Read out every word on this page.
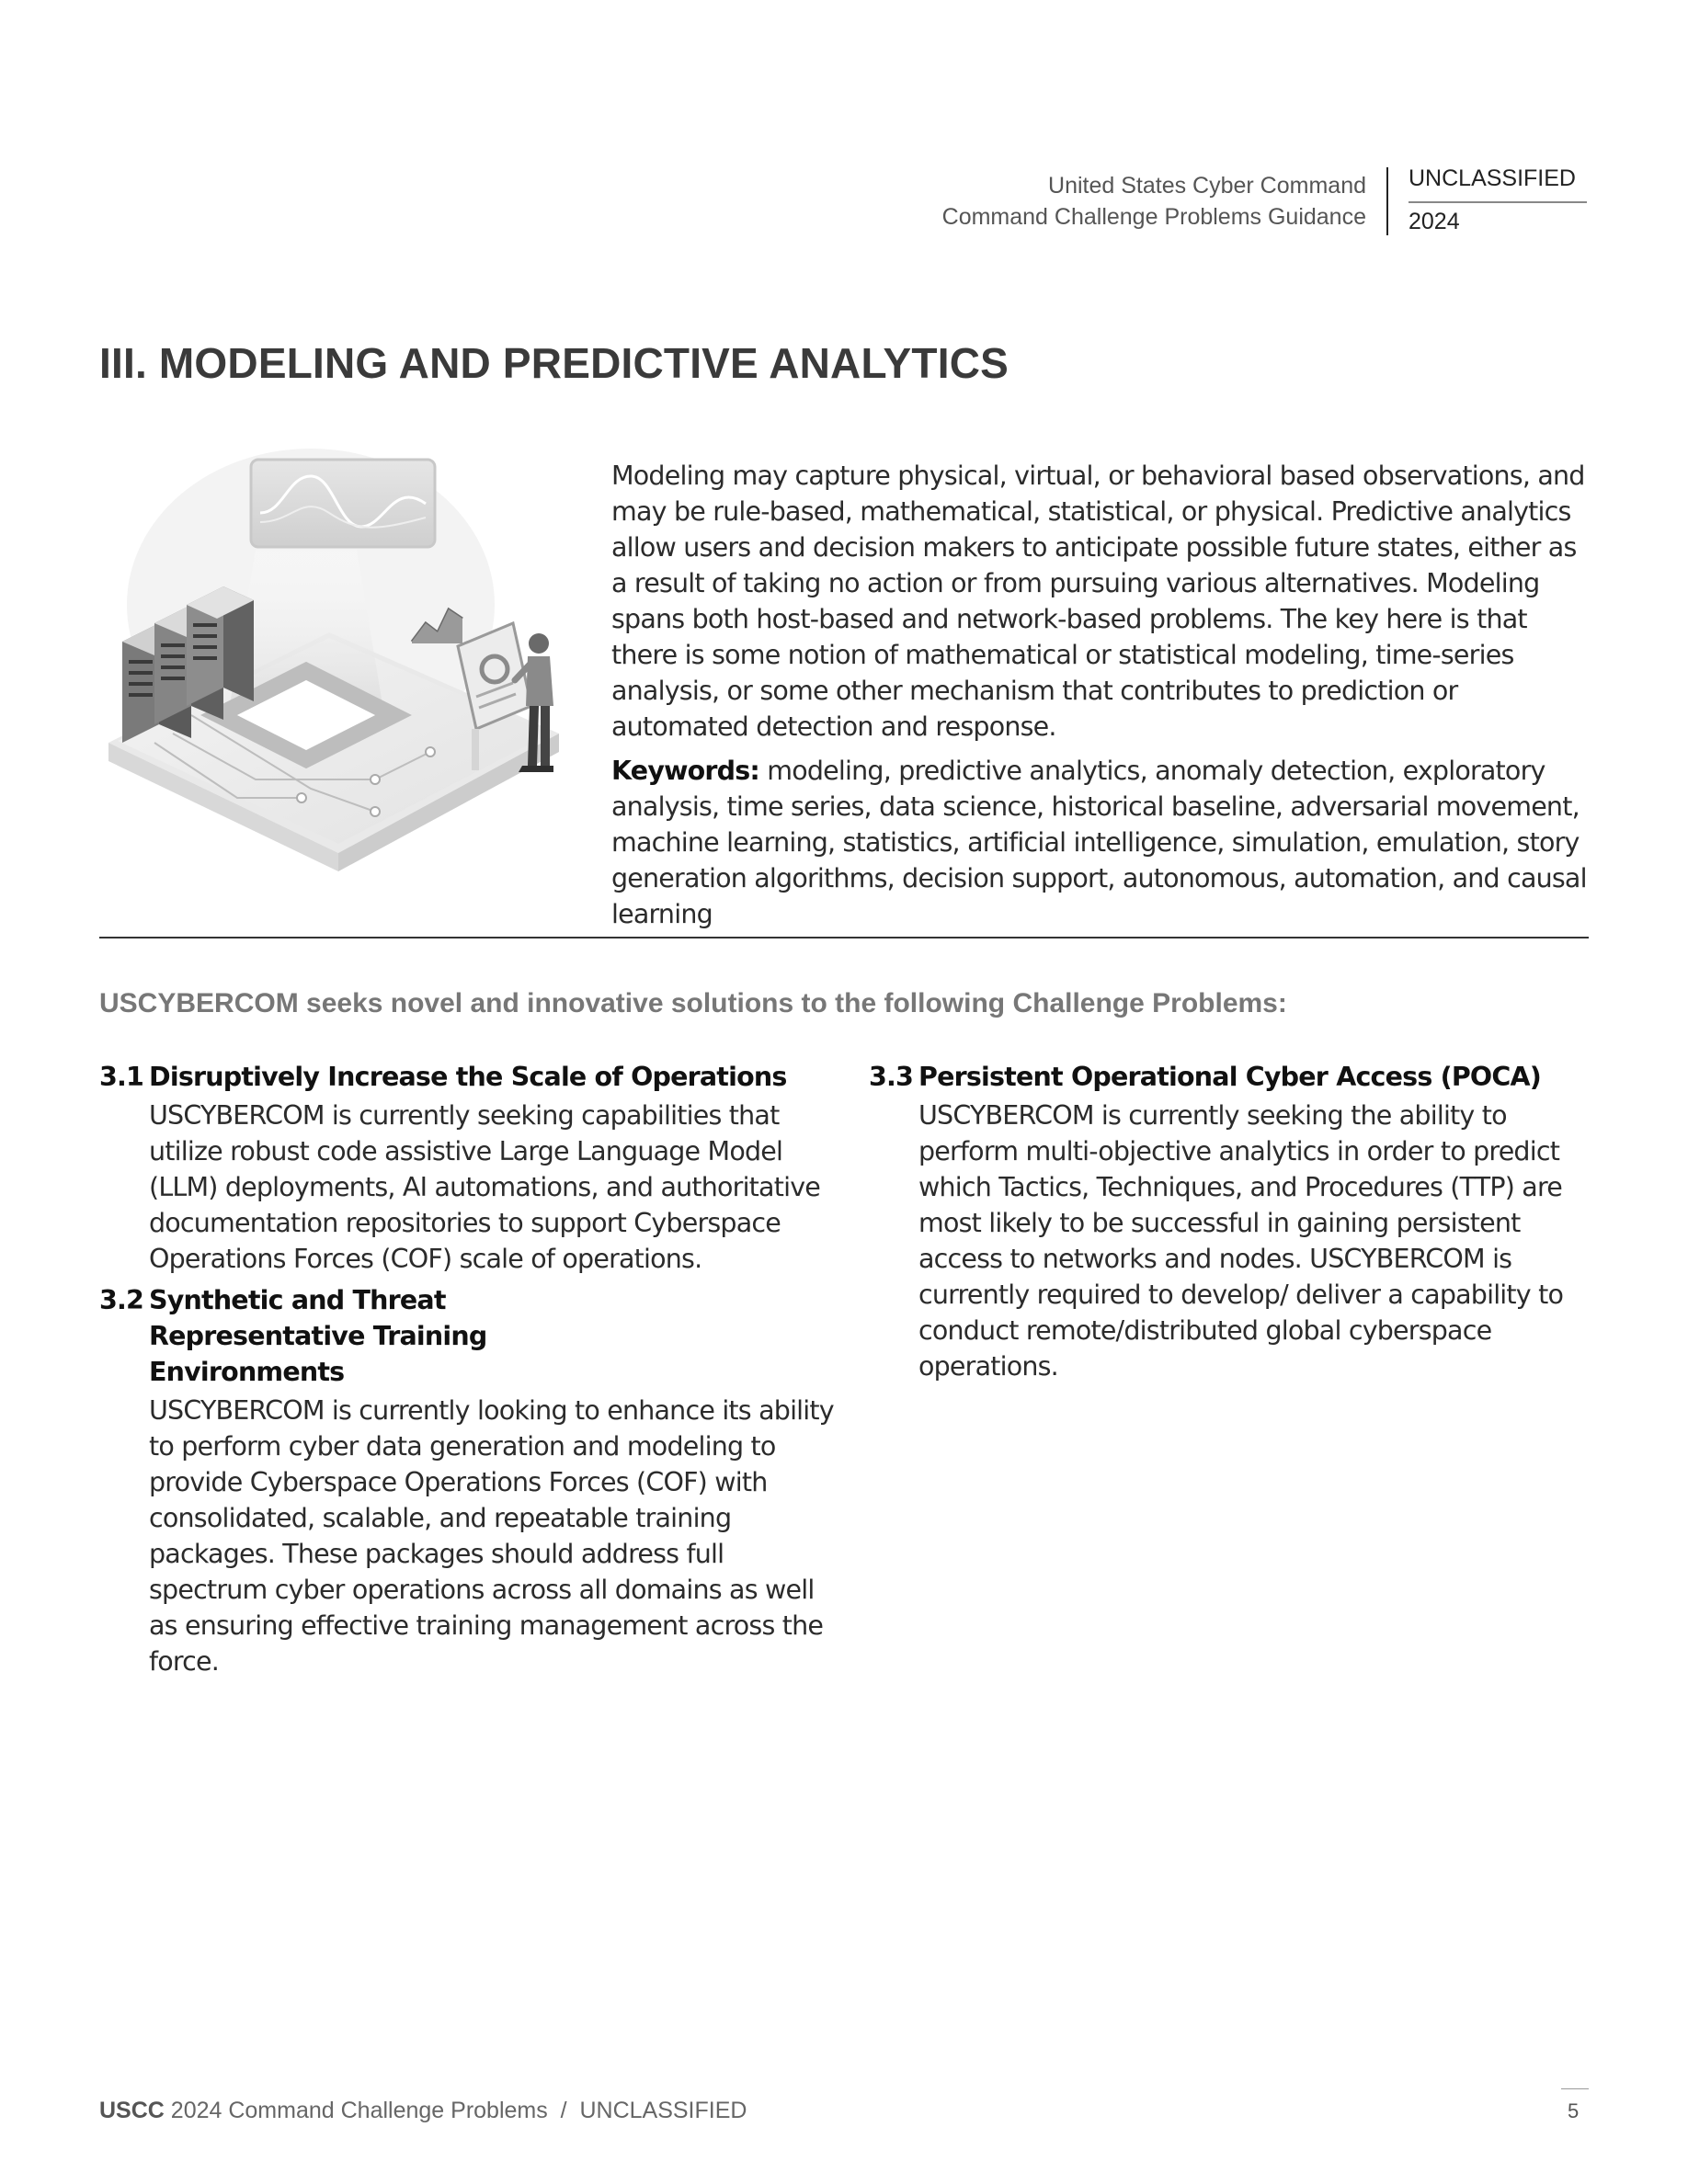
United States Cyber Command
Command Challenge Problems Guidance
UNCLASSIFIED
2024
III. MODELING AND PREDICTIVE ANALYTICS

Modeling may capture physical, virtual, or behavioral based observations, and may be rule-based, mathematical, statistical, or physical. Predictive analytics allow users and decision makers to anticipate possible future states, either as a result of taking no action or from pursuing various alternatives. Modeling spans both host-based and network-based problems. The key here is that there is some notion of mathematical or statistical modeling, time-series analysis, or some other mechanism that contributes to prediction or automated detection and response.

Keywords: modeling, predictive analytics, anomaly detection, exploratory analysis, time series, data science, historical baseline, adversarial movement, machine learning, statistics, artificial intelligence, simulation, emulation, story generation algorithms, decision support, autonomous, automation, and causal learning

USCYBERCOM seeks novel and innovative solutions to the following Challenge Problems:
3.1 Disruptively Increase the Scale of Operations
USCYBERCOM is currently seeking capabilities that utilize robust code assistive Large Language Model (LLM) deployments, AI automations, and authoritative documentation repositories to support Cyberspace Operations Forces (COF) scale of operations.
3.2 Synthetic and Threat Representative Training Environments
USCYBERCOM is currently looking to enhance its ability to perform cyber data generation and modeling to provide Cyberspace Operations Forces (COF) with consolidated, scalable, and repeatable training packages. These packages should address full spectrum cyber operations across all domains as well as ensuring effective training management across the force.
3.3 Persistent Operational Cyber Access (POCA)
USCYBERCOM is currently seeking the ability to perform multi-objective analytics in order to predict which Tactics, Techniques, and Procedures (TTP) are most likely to be successful in gaining persistent access to networks and nodes. USCYBERCOM is currently required to develop/ deliver a capability to conduct remote/distributed global cyberspace operations.
USCC 2024 Command Challenge Problems  /  UNCLASSIFIED	5
